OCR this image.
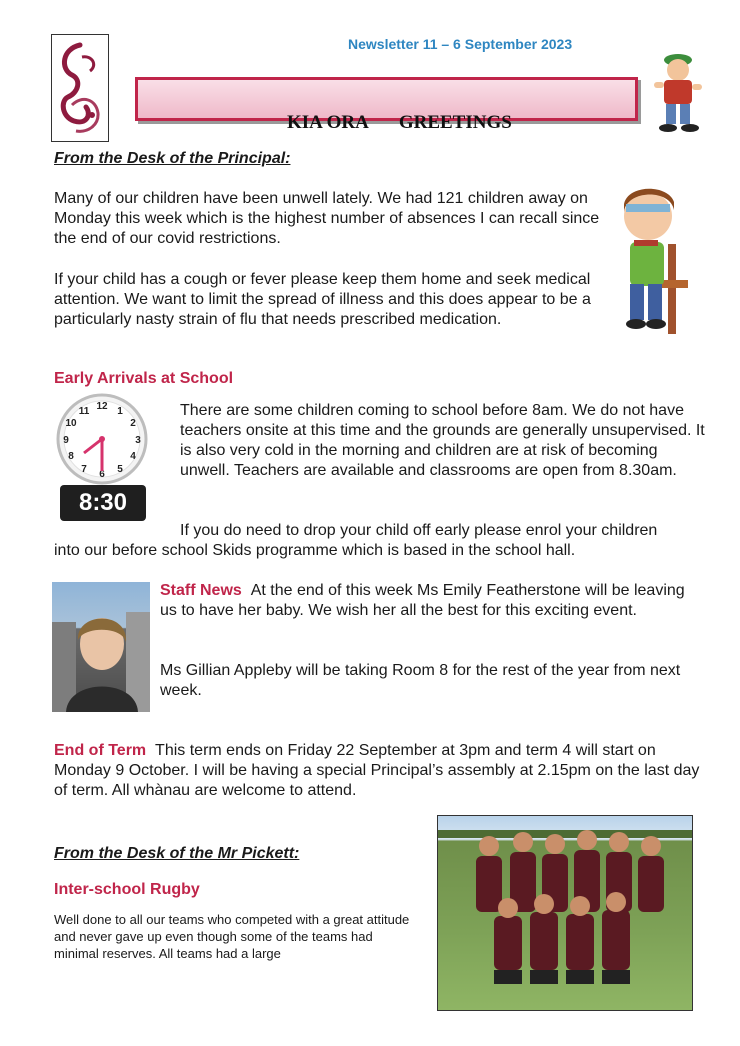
Newsletter 11 – 6 September 2023

KIA ORA GREETINGS

From the Desk of the Principal:

Many of our children have been unwell lately. We had 121 children away on Monday this week which is the highest number of absences I can recall since the end of our covid restrictions.

If your child has a cough or fever please keep them home and seek medical attention. We want to limit the spread of illness and this does appear to be a particularly nasty strain of flu that needs prescribed medication.

Early Arrivals at School
12 1
2
3
4
5
6
7
8
9
10
11
8:30

There are some children coming to school before 8am. We do not have teachers onsite at this time and the grounds are generally unsupervised. It is also very cold in the morning and children are at risk of becoming unwell. Teachers are available and classrooms are open from 8.30am.

If you do need to drop your child off early please enrol your children

into our before school Skids programme which is based in the school hall.

Staff News At the end of this week Ms Emily Featherstone will be leaving us to have her baby. We wish her all the best for this exciting event.

Ms Gillian Appleby will be taking Room 8 for the rest of the year from next week.

End of Term This term ends on Friday 22 September at 3pm and term 4 will start on Monday 9 October. I will be having a special Principal’s assembly at 2.15pm on the last day of term. All whànau are welcome to attend.

From the Desk of the Mr Pickett:
Inter-school Rugby

Well done to all our teams who competed with a great attitude and never gave up even though some of the teams had minimal reserves. All teams had a large
